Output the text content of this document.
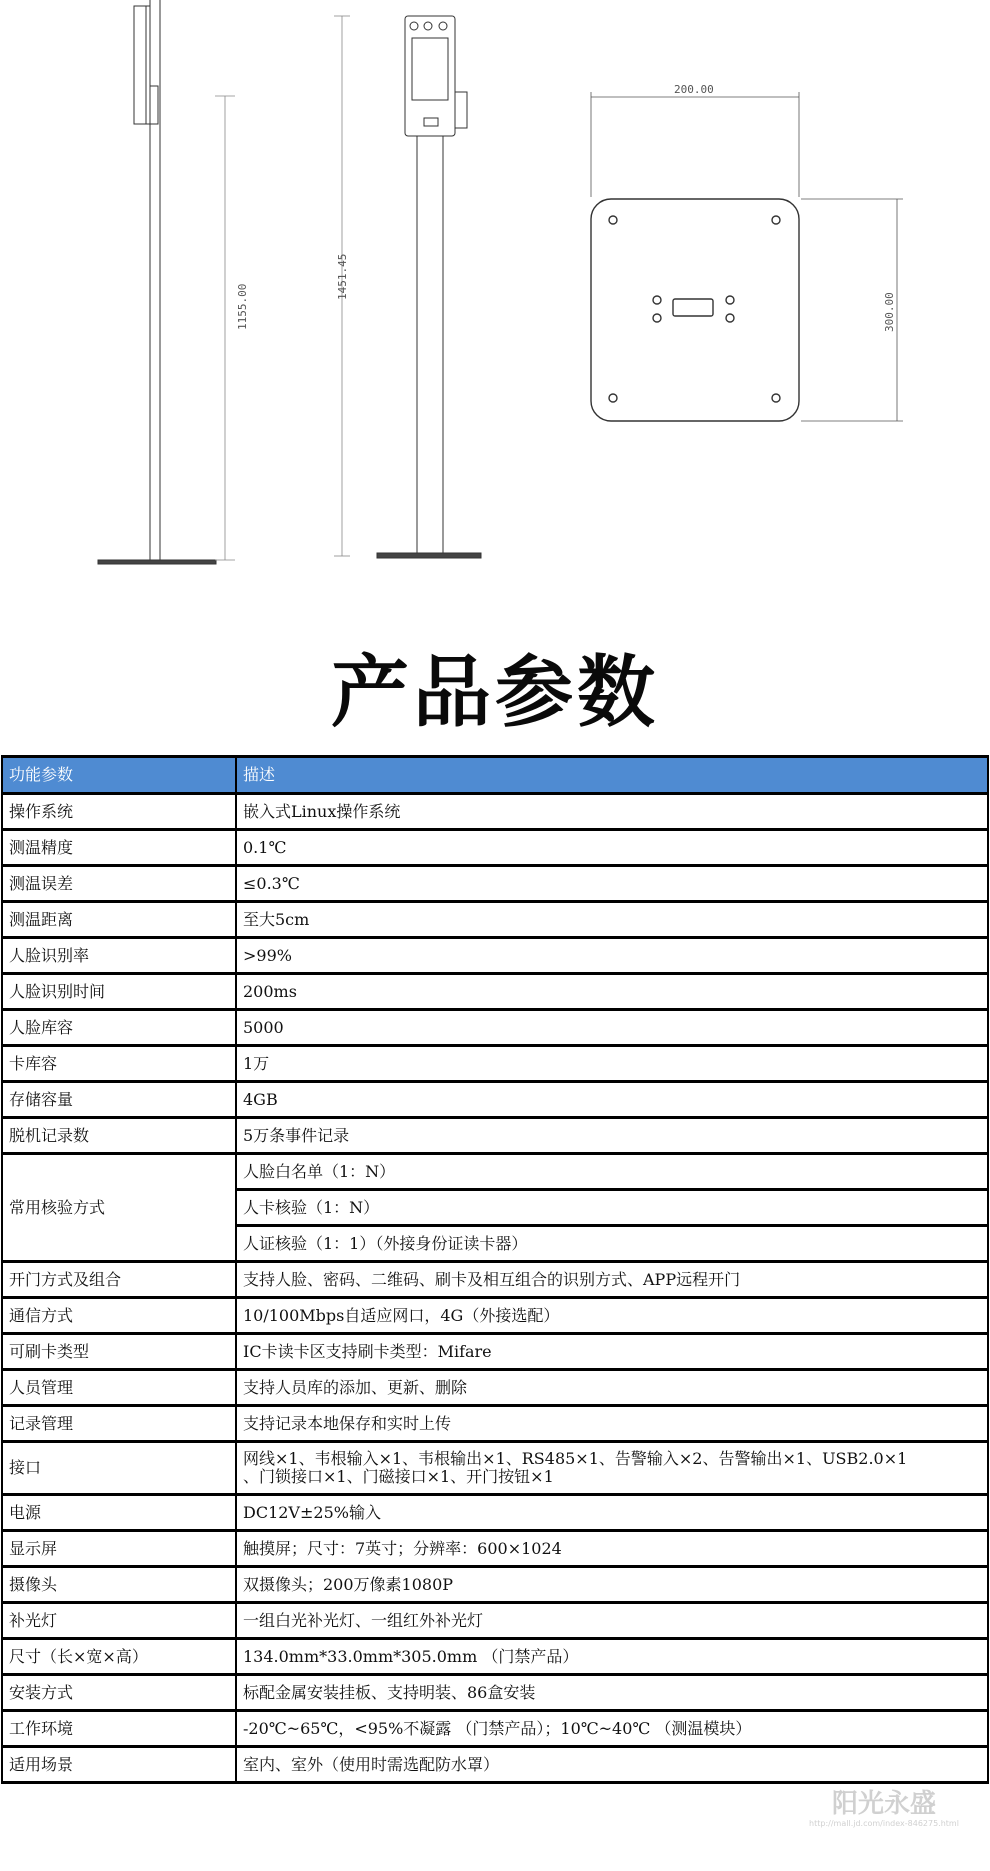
1155.00
1451.45
200.00
300.00
产品参数
功能参数	描述
操作系统	嵌入式Linux操作系统
测温精度	0.1℃
测温误差	≤0.3℃
测温距离	至大5cm
人脸识别率	>99%
人脸识别时间	200ms
人脸库容	5000
卡库容	1万
存储容量	4GB
脱机记录数	5万条事件记录
常用核验方式	人脸白名单（1：N）
	人卡核验（1：N）
	人证核验（1：1）（外接身份证读卡器）
开门方式及组合	支持人脸、密码、二维码、刷卡及相互组合的识别方式、APP远程开门
通信方式	10/100Mbps自适应网口，4G（外接选配）
可刷卡类型	IC卡读卡区支持刷卡类型：Mifare
人员管理	支持人员库的添加、更新、删除
记录管理	支持记录本地保存和实时上传
接口	网线×1、韦根输入×1、韦根输出×1、RS485×1、告警输入×2、告警输出×1、USB2.0×1
、门锁接口×1、门磁接口×1、开门按钮×1

电源	DC12V±25%输入
显示屏	触摸屏；尺寸：7英寸；分辨率：600×1024
摄像头	双摄像头；200万像素1080P
补光灯	一组白光补光灯、一组红外补光灯
尺寸（长×宽×高）	134.0mm*33.0mm*305.0mm （门禁产品）
安装方式	标配金属安装挂板、支持明装、86盒安装
工作环境	-20℃~65℃，<95%不凝露 （门禁产品）；10℃~40℃ （测温模块）
适用场景	室内、室外（使用时需选配防水罩）
阳光永盛
http://mall.jd.com/index-846275.html
